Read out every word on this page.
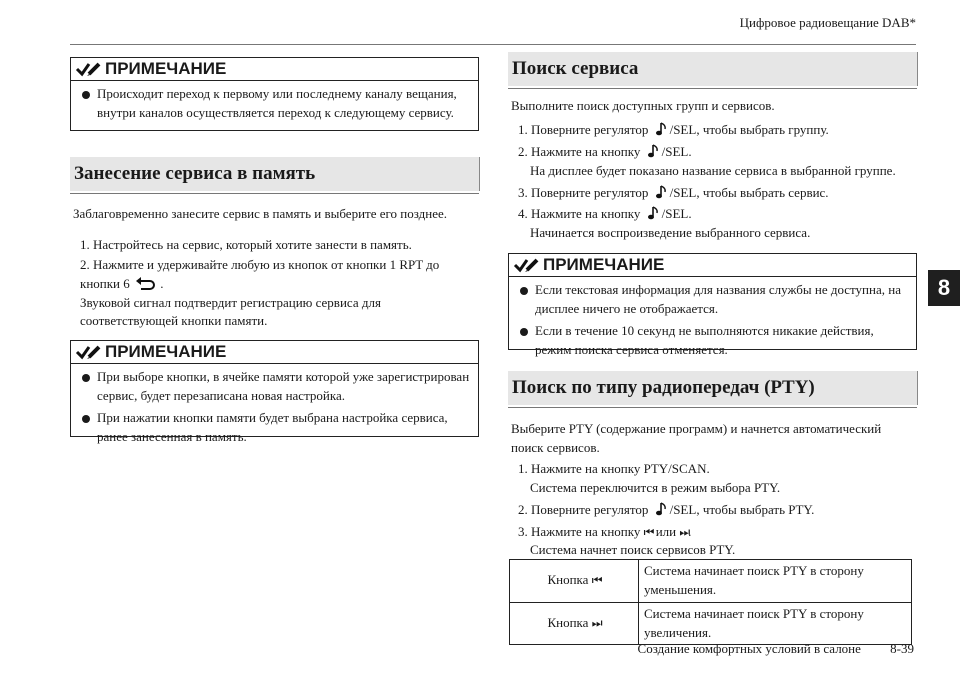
Цифровое радиовещание DAB*
8
ПРИМЕЧАНИЕ
Происходит переход к первому или последнему каналу вещания, внутри каналов осуществляется переход к следующему сервису.
Занесение сервиса в память

Заблаговременно занесите сервис в память и выберите его позднее.

1. Настройтесь на сервис, который хотите занести в память.
2. Нажмите и удерживайте любую из кнопок от кнопки 1 RPT до кнопки 6 .
Звуковой сигнал подтвердит регистрацию сервиса для соответствующей кнопки памяти.
ПРИМЕЧАНИЕ
При выборе кнопки, в ячейке памяти которой уже зарегистрирован сервис, будет перезаписана новая настройка.
При нажатии кнопки памяти будет выбрана настройка сервиса, ранее занесенная в память.
Поиск сервиса

Выполните поиск доступных групп и сервисов.

1. Поверните регулятор /SEL, чтобы выбрать группу.
2. Нажмите на кнопку /SEL.
На дисплее будет показано название сервиса в выбранной группе.
3. Поверните регулятор /SEL, чтобы выбрать сервис.
4. Нажмите на кнопку /SEL.
Начинается воспроизведение выбранного сервиса.
ПРИМЕЧАНИЕ
Если текстовая информация для названия службы не доступна, на дисплее ничего не отображается.
Если в течение 10 секунд не выполняются никакие действия, режим поиска сервиса отменяется.
Поиск по типу радиопередач (PTY)

Выберите PTY (содержание программ) и начнется автоматический поиск сервисов.

1. Нажмите на кнопку PTY/SCAN.
Система переключится в режим выбора PTY.
2. Поверните регулятор /SEL, чтобы выбрать PTY.
3. Нажмите на кнопку ⏮ или ⏭.
Система начнет поиск сервисов PTY.
Кнопка ⏮	Система начинает поиск PTY в сторону уменьшения.
Кнопка ⏭	Система начинает поиск PTY в сторону увеличения.
Создание комфортных условий в салоне 8-39
